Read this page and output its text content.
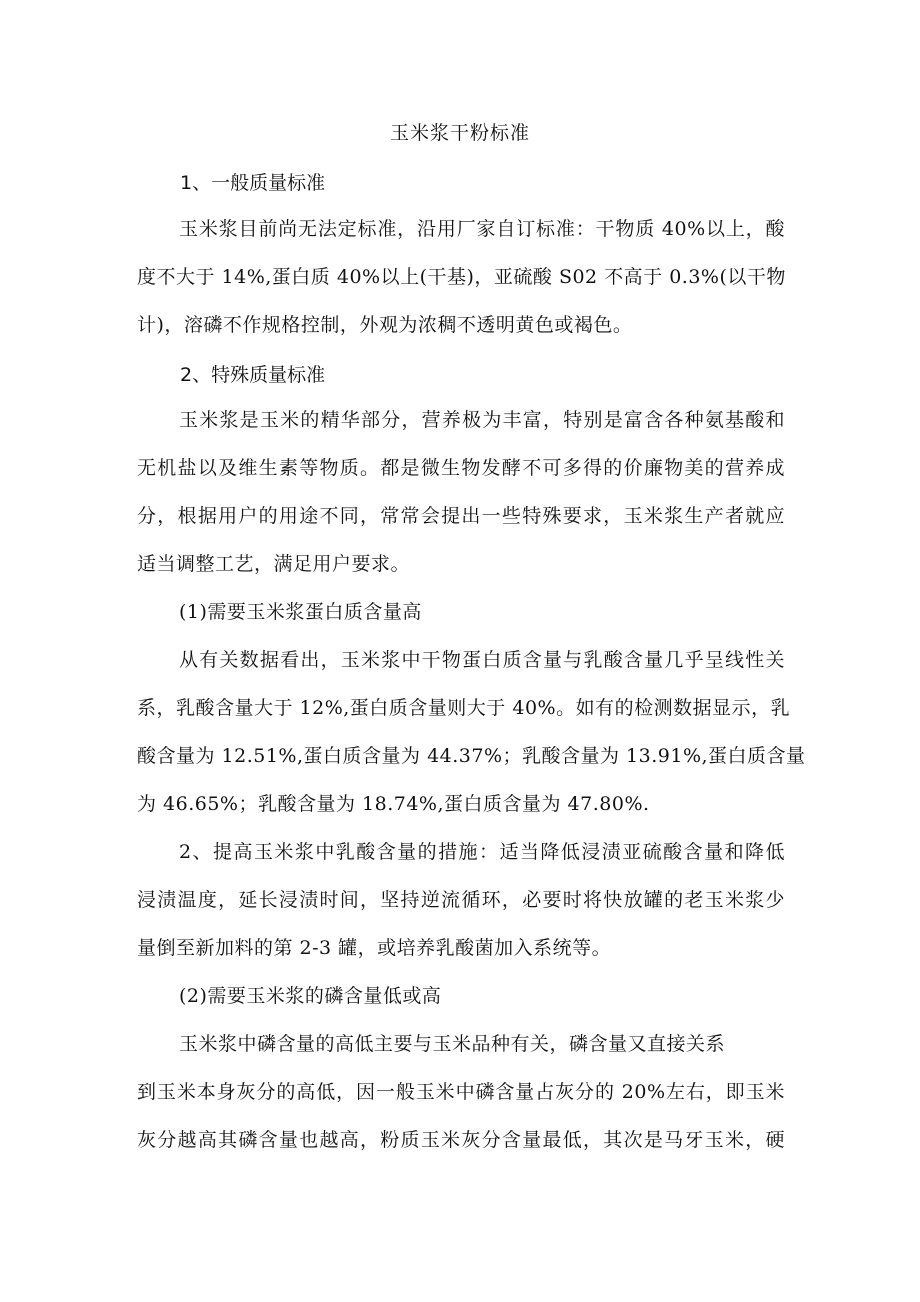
玉米浆干粉标准
1、一般质量标准
玉米浆目前尚无法定标准，沿用厂家自订标准：干物质 40%以上，酸
度不大于 14%,蛋白质 40%以上(干基)，亚硫酸 S02 不高于 0.3%(以干物
计)，溶磷不作规格控制，外观为浓稠不透明黄色或褐色。
2、特殊质量标准
玉米浆是玉米的精华部分，营养极为丰富，特别是富含各种氨基酸和
无机盐以及维生素等物质。都是微生物发酵不可多得的价廉物美的营养成
分，根据用户的用途不同，常常会提出一些特殊要求，玉米浆生产者就应
适当调整工艺，满足用户要求。
(1)需要玉米浆蛋白质含量高
从有关数据看出，玉米浆中干物蛋白质含量与乳酸含量几乎呈线性关
系，乳酸含量大于 12%,蛋白质含量则大于 40%。如有的检测数据显示，乳
酸含量为 12.51%,蛋白质含量为 44.37%；乳酸含量为 13.91%,蛋白质含量
为 46.65%；乳酸含量为 18.74%,蛋白质含量为 47.80%.
2、提高玉米浆中乳酸含量的措施：适当降低浸渍亚硫酸含量和降低
浸渍温度，延长浸渍时间，坚持逆流循环，必要时将快放罐的老玉米浆少
量倒至新加料的第 2-3 罐，或培养乳酸菌加入系统等。
(2)需要玉米浆的磷含量低或高
玉米浆中磷含量的高低主要与玉米品种有关，磷含量又直接关系
到玉米本身灰分的高低，因一般玉米中磷含量占灰分的 20%左右，即玉米
灰分越高其磷含量也越高，粉质玉米灰分含量最低，其次是马牙玉米，硬
